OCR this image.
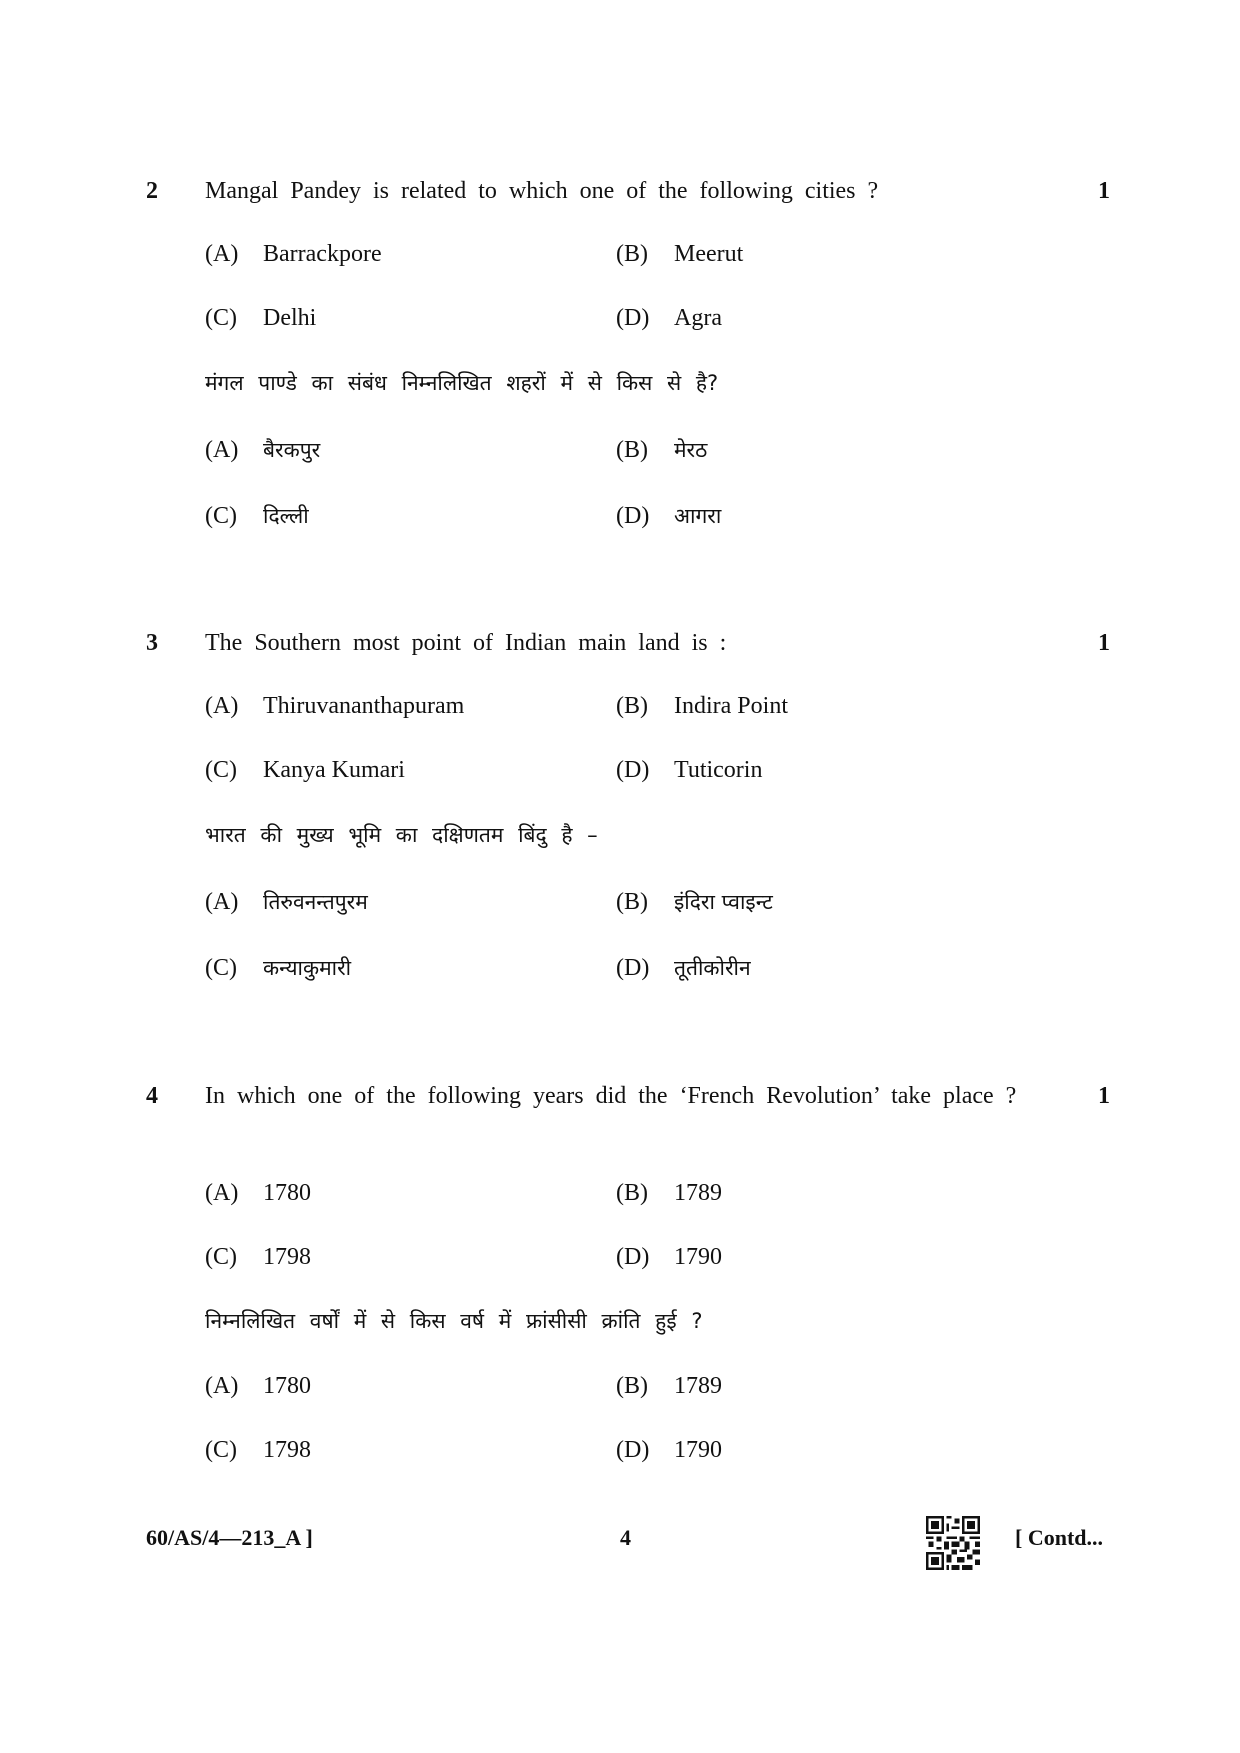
2 Mangal Pandey is related to which one of the following cities ?	1
(A) Barrackpore	(B) Meerut
(C) Delhi	(D) Agra
मंगल पाण्डे का संबंध निम्नलिखित शहरों में से किस से है?
(A) बैरकपुर	(B) मेरठ
(C) दिल्ली	(D) आगरा
3 The Southern most point of Indian main land is :	1
(A) Thiruvananthapuram	(B) Indira Point
(C) Kanya Kumari	(D) Tuticorin
भारत की मुख्य भूमि का दक्षिणतम बिंदु है –
(A) तिरुवनन्तपुरम	(B) इंदिरा प्वाइन्ट
(C) कन्याकुमारी	(D) तूतीकोरीन
4 In which one of the following years did the ‘French Revolution’ take place ?	1
(A) 1780	(B) 1789
(C) 1798	(D) 1790
निम्नलिखित वर्षों में से किस वर्ष में फ्रांसीसी क्रांति हुई ?
(A) 1780	(B) 1789
(C) 1798	(D) 1790
60/AS/4—213_A ]	4	[ Contd...
